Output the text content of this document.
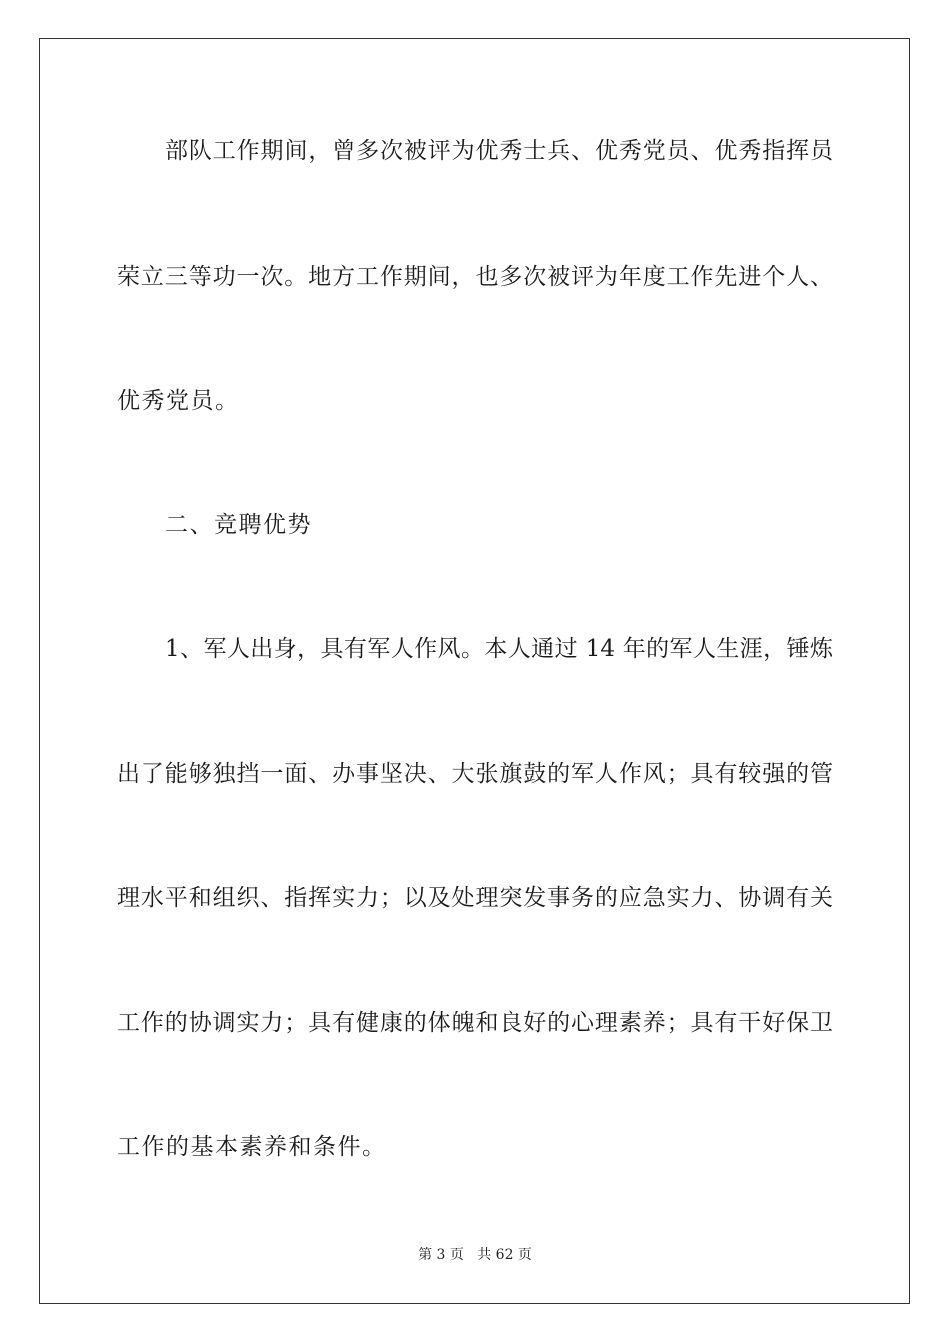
部队工作期间，曾多次被评为优秀士兵、优秀党员、优秀指挥员
荣立三等功一次。地方工作期间，也多次被评为年度工作先进个人、
优秀党员。
二、竞聘优势
1、军人出身，具有军人作风。本人通过 14 年的军人生涯，锤炼
出了能够独挡一面、办事坚决、大张旗鼓的军人作风；具有较强的管
理水平和组织、指挥实力；以及处理突发事务的应急实力、协调有关
工作的协调实力；具有健康的体魄和良好的心理素养；具有干好保卫
工作的基本素养和条件。
第 3 页   共 62 页
